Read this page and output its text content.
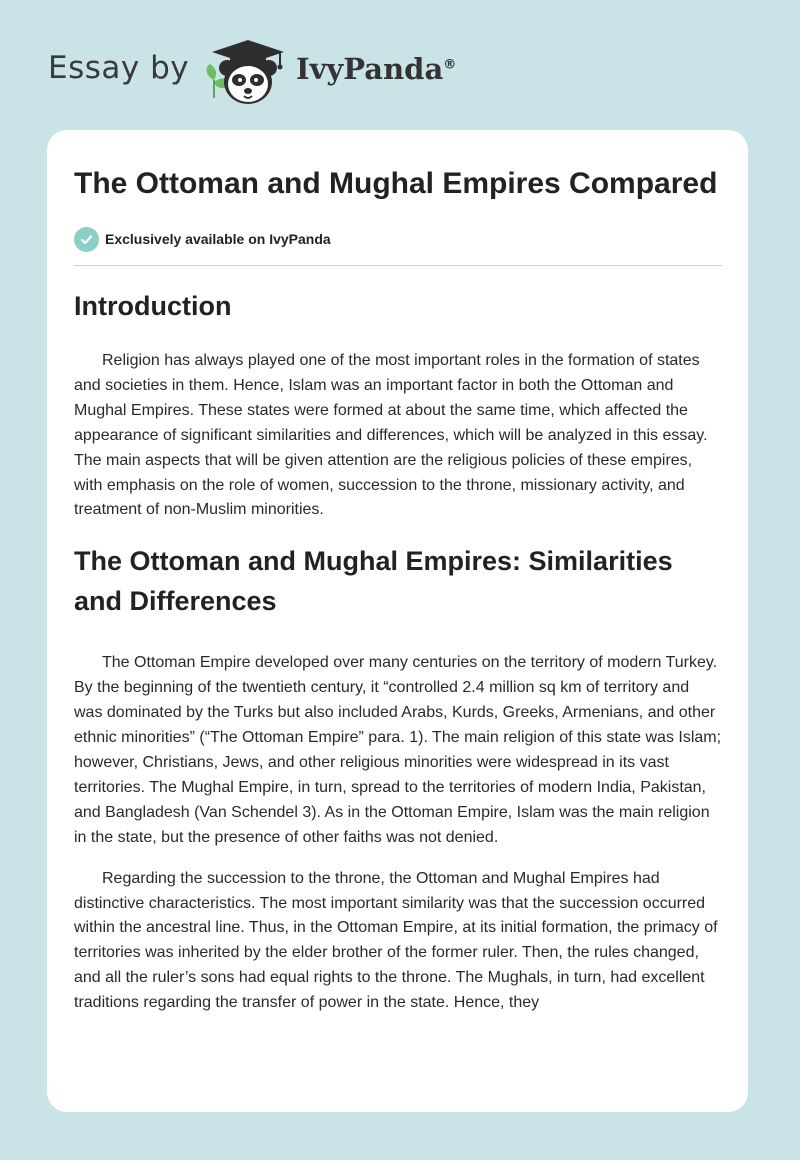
Essay by	IvyPanda®
The Ottoman and Mughal Empires Compared
Exclusively available on IvyPanda
Introduction

Religion has always played one of the most important roles in the formation of states and societies in them. Hence, Islam was an important factor in both the Ottoman and Mughal Empires. These states were formed at about the same time, which affected the appearance of significant similarities and differences, which will be analyzed in this essay. The main aspects that will be given attention are the religious policies of these empires, with emphasis on the role of women, succession to the throne, missionary activity, and treatment of non-Muslim minorities.

The Ottoman and Mughal Empires: Similarities and Differences

The Ottoman Empire developed over many centuries on the territory of modern Turkey. By the beginning of the twentieth century, it “controlled 2.4 million sq km of territory and was dominated by the Turks but also included Arabs, Kurds, Greeks, Armenians, and other ethnic minorities” (“The Ottoman Empire” para. 1). The main religion of this state was Islam; however, Christians, Jews, and other religious minorities were widespread in its vast territories. The Mughal Empire, in turn, spread to the territories of modern India, Pakistan, and Bangladesh (Van Schendel 3). As in the Ottoman Empire, Islam was the main religion in the state, but the presence of other faiths was not denied.

Regarding the succession to the throne, the Ottoman and Mughal Empires had distinctive characteristics. The most important similarity was that the succession occurred within the ancestral line. Thus, in the Ottoman Empire, at its initial formation, the primacy of territories was inherited by the elder brother of the former ruler. Then, the rules changed, and all the ruler’s sons had equal rights to the throne. The Mughals, in turn, had excellent traditions regarding the transfer of power in the state. Hence, they
